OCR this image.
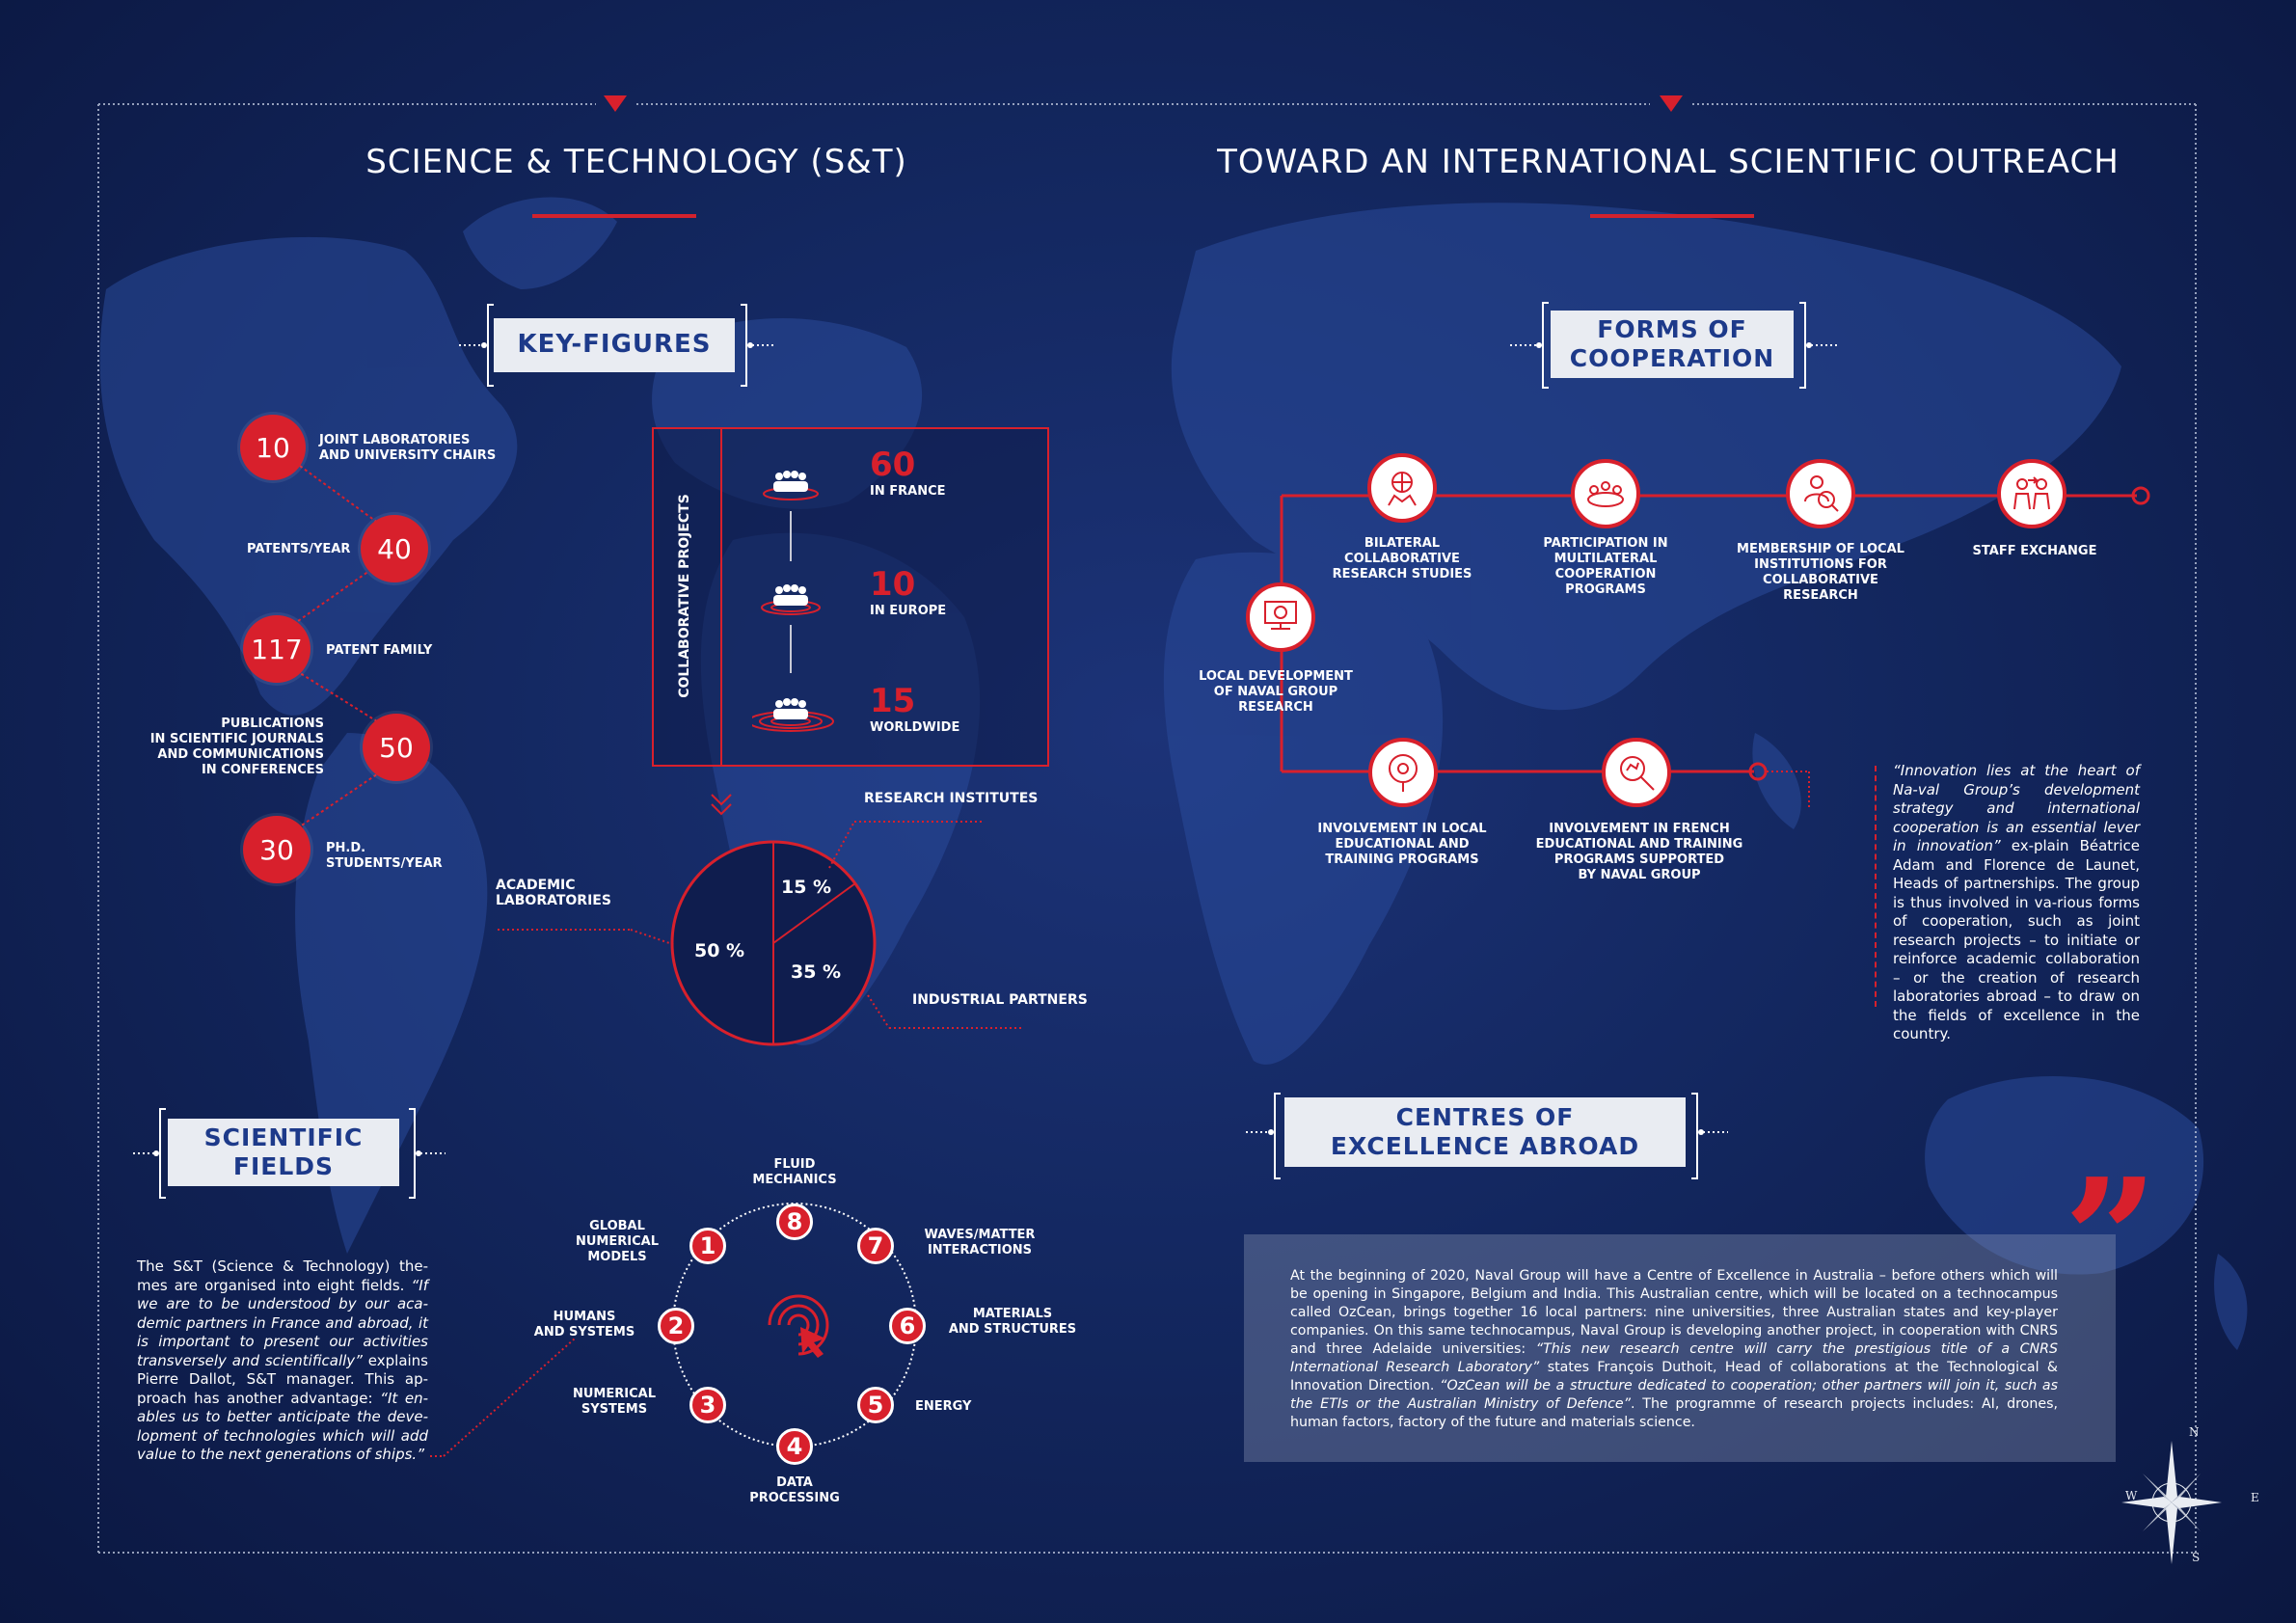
SCIENCE & TECHNOLOGY (S&T)
KEY-FIGURES
10	JOINT LABORATORIES
AND UNIVERSITY CHAIRS
40
PATENTS/YEAR
117	PATENT FAMILY
50
PUBLICATIONS
IN SCIENTIFIC JOURNALS
AND COMMUNICATIONS
IN CONFERENCES
30	PH.D.
STUDENTS/YEAR
COLLABORATIVE PROJECTS
60
IN FRANCE
10
IN EUROPE
15
WORLDWIDE
RESEARCH INSTITUTES
INDUSTRIAL PARTNERS
ACADEMIC
LABORATORIES
50 %
15 %
35 %
SCIENTIFIC
FIELDS
The S&T (Science & Technology) the-mes are organised into eight fields. “If we are to be understood by our aca-demic partners in France and abroad, it is important to present our activities transversely and scientifically” explains Pierre Dallot, S&T manager. This ap-proach has another advantage: “It en-ables us to better anticipate the deve-lopment of technologies which will add value to the next generations of ships.”
1
GLOBAL
NUMERICAL
MODELS
2
HUMANS
AND SYSTEMS
3
NUMERICAL
SYSTEMS
4
DATA
PROCESSING
5	ENERGY
6	MATERIALS
AND STRUCTURES
7	WAVES/MATTER
INTERACTIONS
8
FLUID
MECHANICS
TOWARD AN INTERNATIONAL SCIENTIFIC OUTREACH
FORMS OF
COOPERATION
LOCAL DEVELOPMENT
OF NAVAL GROUP
RESEARCH
BILATERAL
COLLABORATIVE
RESEARCH STUDIES
PARTICIPATION IN
MULTILATERAL
COOPERATION
PROGRAMS
MEMBERSHIP OF LOCAL
INSTITUTIONS FOR
COLLABORATIVE RESEARCH
STAFF EXCHANGE
INVOLVEMENT IN LOCAL
EDUCATIONAL AND
TRAINING PROGRAMS
INVOLVEMENT IN FRENCH
EDUCATIONAL AND TRAINING
PROGRAMS SUPPORTED
BY NAVAL GROUP
“Innovation lies at the heart of Na-val Group’s development strategy and international cooperation is an essential lever in innovation” ex-plain Béatrice Adam and Florence de Launet, Heads of partnerships. The group is thus involved in va-rious forms of cooperation, such as joint research projects – to initiate or reinforce academic collaboration – or the creation of research laboratories abroad – to draw on the fields of excellence in the country.
CENTRES OF
EXCELLENCE ABROAD	”
At the beginning of 2020, Naval Group will have a Centre of Excellence in Australia – before others which will be opening in Singapore, Belgium and India. This Australian centre, which will be located on a technocampus called OzCean, brings together 16 local partners: nine universities, three Australian states and key-player companies. On this same technocampus, Naval Group is developing another project, in cooperation with CNRS and three Adelaide universities: “This new research centre will carry the prestigious title of a CNRS International Research Laboratory” states François Duthoit, Head of collaborations at the Technological & Innovation Direction. “OzCean will be a structure dedicated to cooperation; other partners will join it, such as the ETIs or the Australian Ministry of Defence”. The programme of research projects includes: AI, drones, human factors, factory of the future and materials science.
N
S
W	E
